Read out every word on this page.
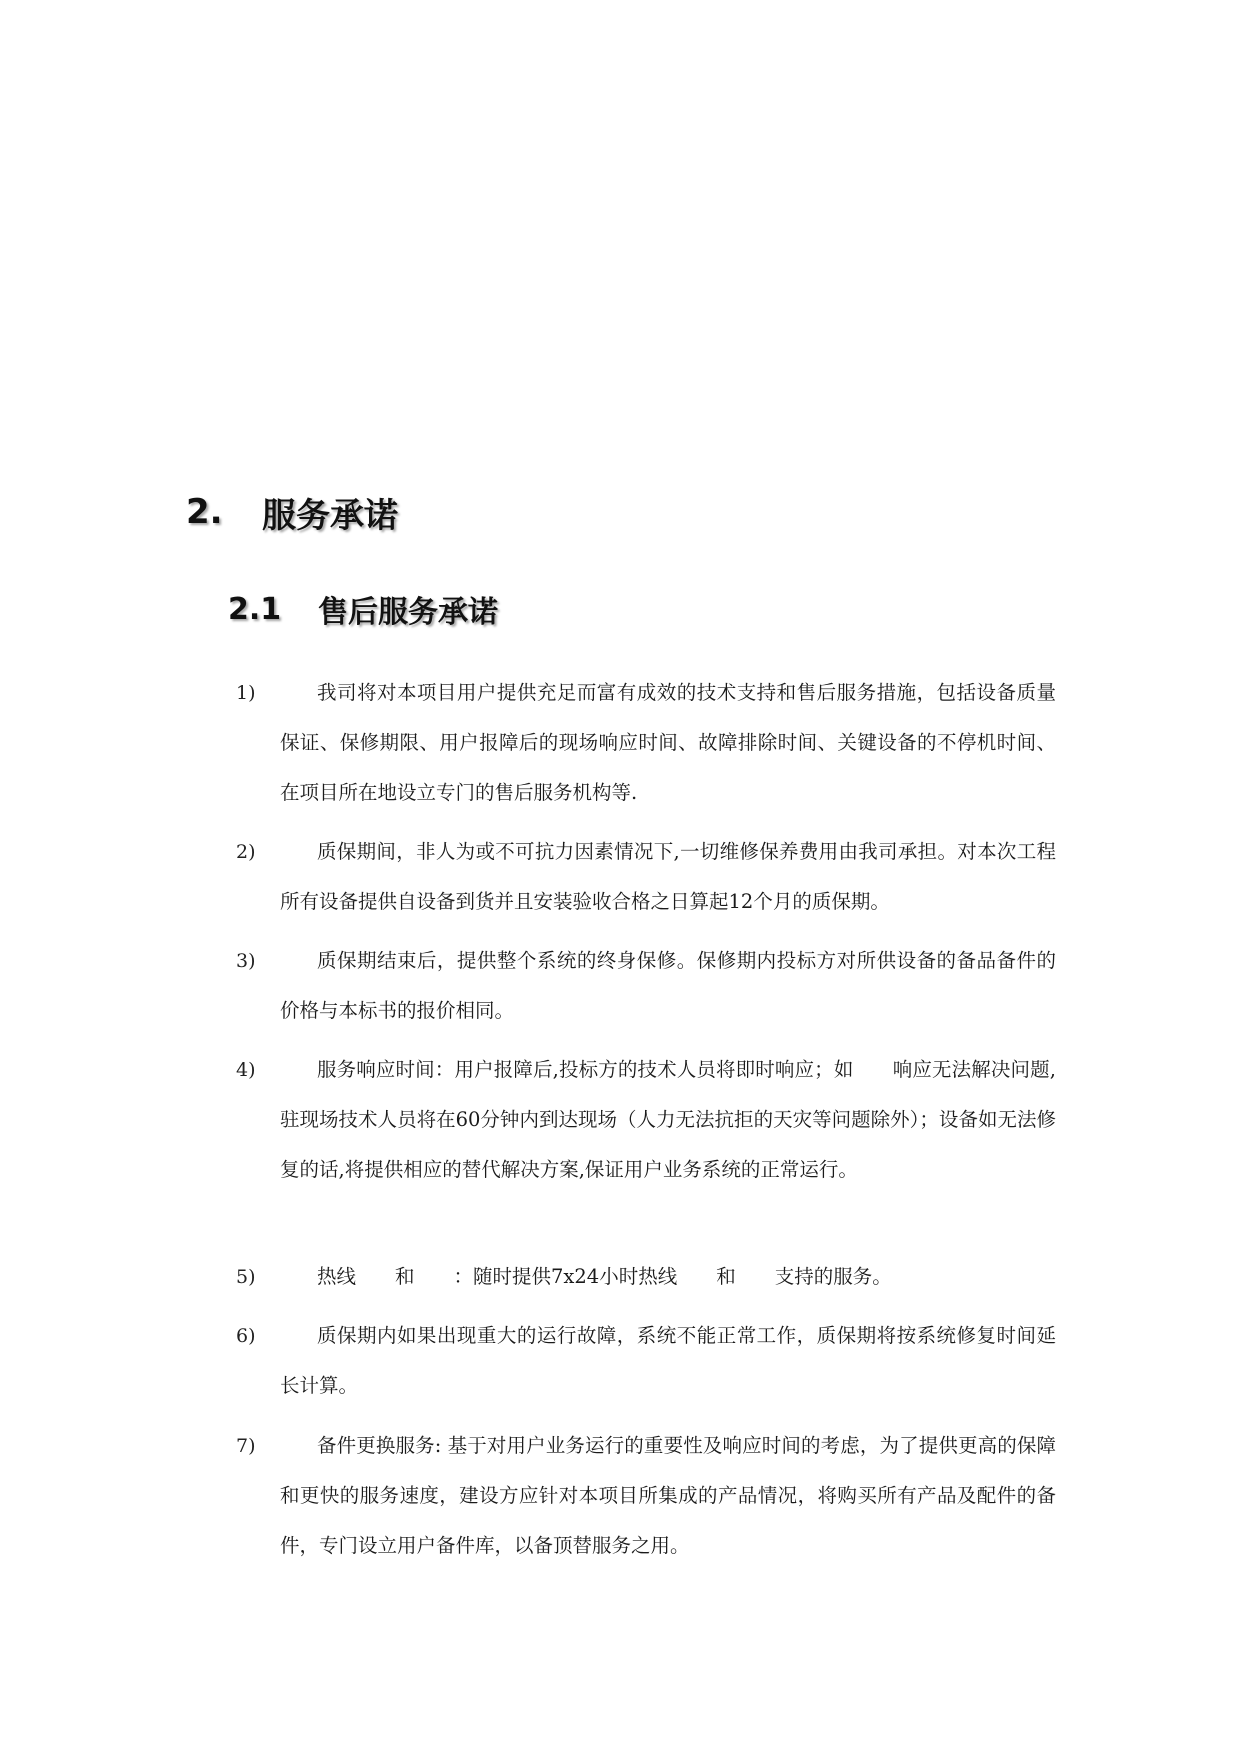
2.	服务承诺
2.1	售后服务承诺
1)	我司将对本项目用户提供充足而富有成效的技术支持和售后服务措施，包括设备质量保证、保修期限、用户报障后的现场响应时间、故障排除时间、关键设备的不停机时间、在项目所在地设立专门的售后服务机构等.
2)	质保期间，非人为或不可抗力因素情况下,一切维修保养费用由我司承担。对本次工程所有设备提供自设备到货并且安装验收合格之日算起12个月的质保期。
3)	质保期结束后，提供整个系统的终身保修。保修期内投标方对所供设备的备品备件的价格与本标书的报价相同。
4)	服务响应时间：用户报障后,投标方的技术人员将即时响应；如　　响应无法解决问题,驻现场技术人员将在60分钟内到达现场（人力无法抗拒的天灾等问题除外）；设备如无法修复的话,将提供相应的替代解决方案,保证用户业务系统的正常运行。
5)	热线　　和　　：随时提供7x24小时热线　　和　　支持的服务。
6)	质保期内如果出现重大的运行故障，系统不能正常工作，质保期将按系统修复时间延长计算。
7)	备件更换服务: 基于对用户业务运行的重要性及响应时间的考虑，为了提供更高的保障和更快的服务速度，建设方应针对本项目所集成的产品情况，将购买所有产品及配件的备件，专门设立用户备件库，以备顶替服务之用。
